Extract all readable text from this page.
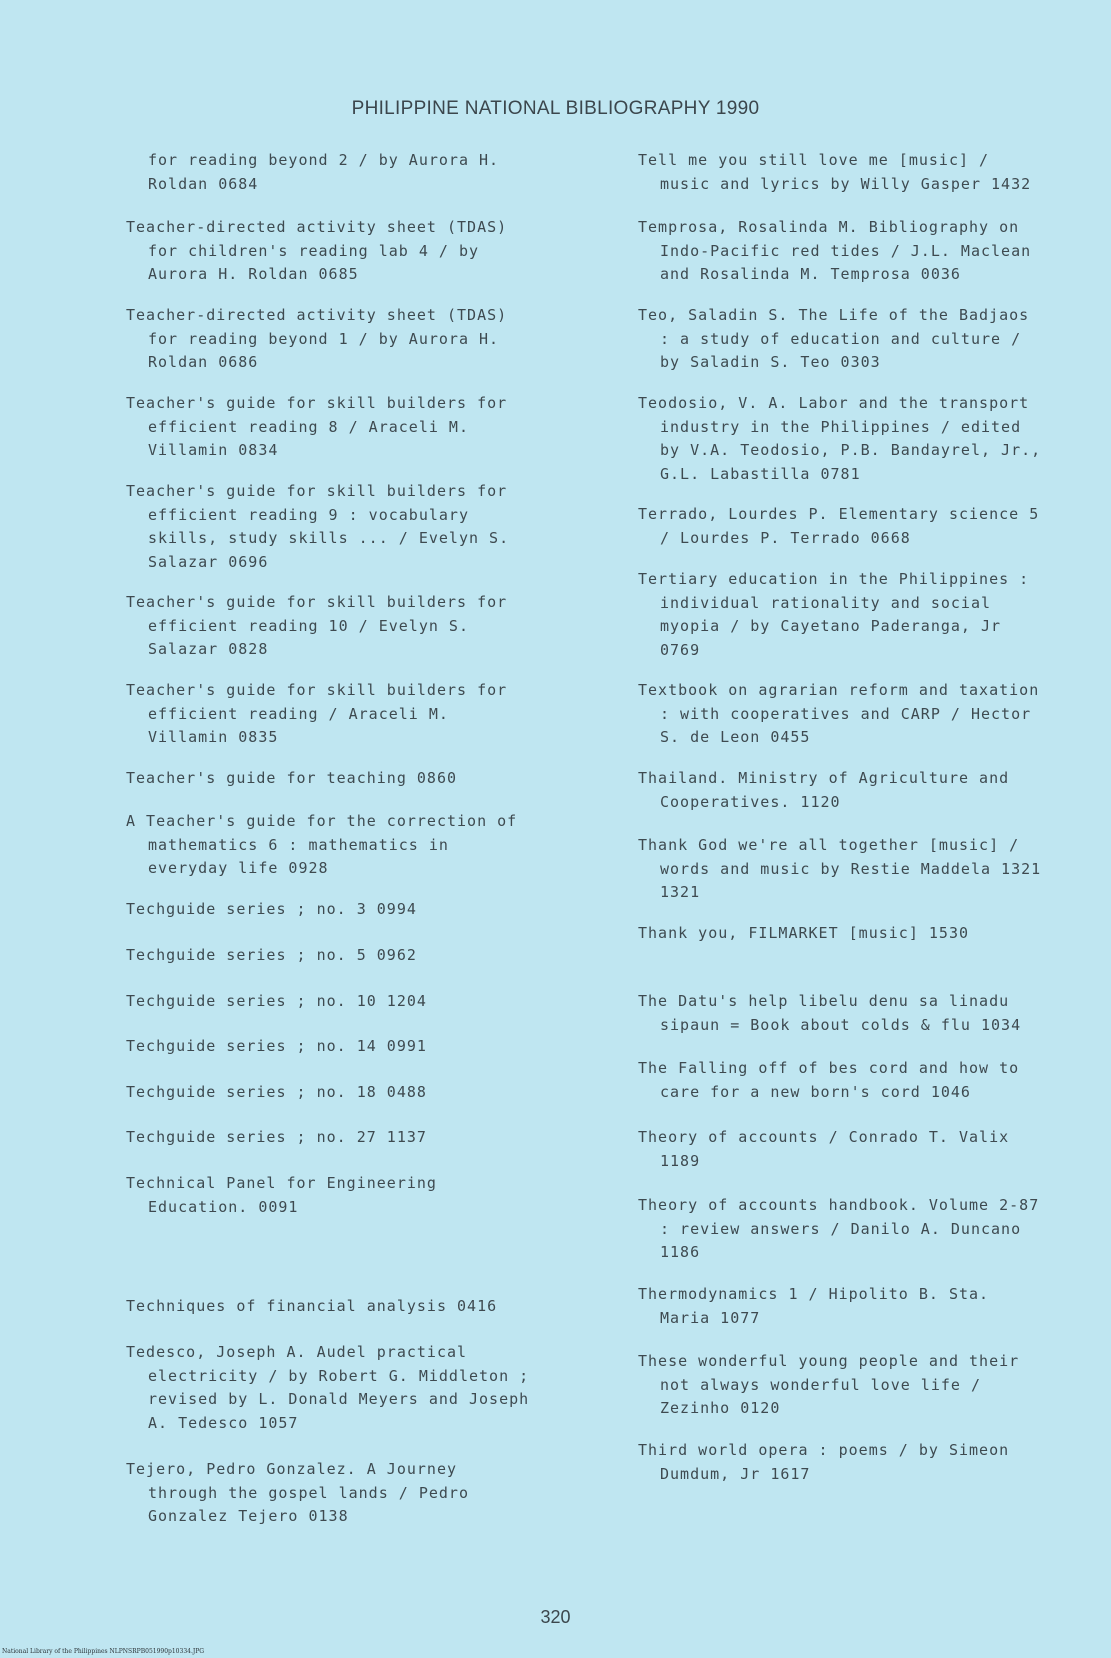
PHILIPPINE NATIONAL BIBLIOGRAPHY 1990
for reading beyond 2 / by Aurora H.
Roldan 0684
Teacher-directed activity sheet (TDAS)
for children's reading lab 4 / by
Aurora H. Roldan 0685
Teacher-directed activity sheet (TDAS)
for reading beyond 1 / by Aurora H.
Roldan 0686
Teacher's guide for skill builders for
efficient reading 8 / Araceli M.
Villamin 0834
Teacher's guide for skill builders for
efficient reading 9 : vocabulary
skills, study skills ... / Evelyn S.
Salazar 0696
Teacher's guide for skill builders for
efficient reading 10 / Evelyn S.
Salazar 0828
Teacher's guide for skill builders for
efficient reading / Araceli M.
Villamin 0835
Teacher's guide for teaching 0860
A Teacher's guide for the correction of
mathematics 6 : mathematics in
everyday life 0928
Techguide series ; no. 3 0994
Techguide series ; no. 5 0962
Techguide series ; no. 10 1204
Techguide series ; no. 14 0991
Techguide series ; no. 18 0488
Techguide series ; no. 27 1137
Technical Panel for Engineering
Education. 0091
Techniques of financial analysis 0416
Tedesco, Joseph A. Audel practical
electricity / by Robert G. Middleton ;
revised by L. Donald Meyers and Joseph
A. Tedesco 1057
Tejero, Pedro Gonzalez. A Journey
through the gospel lands / Pedro
Gonzalez Tejero 0138
Tell me you still love me [music] /
music and lyrics by Willy Gasper 1432
Temprosa, Rosalinda M. Bibliography on
Indo-Pacific red tides / J.L. Maclean
and Rosalinda M. Temprosa 0036
Teo, Saladin S. The Life of the Badjaos
: a study of education and culture /
by Saladin S. Teo 0303
Teodosio, V. A. Labor and the transport
industry in the Philippines / edited
by V.A. Teodosio, P.B. Bandayrel, Jr.,
G.L. Labastilla 0781
Terrado, Lourdes P. Elementary science 5
/ Lourdes P. Terrado 0668
Tertiary education in the Philippines :
individual rationality and social
myopia / by Cayetano Paderanga, Jr
0769
Textbook on agrarian reform and taxation
: with cooperatives and CARP / Hector
S. de Leon 0455
Thailand. Ministry of Agriculture and
Cooperatives. 1120
Thank God we're all together [music] /
words and music by Restie Maddela 1321
1321
Thank you, FILMARKET [music] 1530
The Datu's help libelu denu sa linadu
sipaun = Book about colds & flu 1034
The Falling off of bes cord and how to
care for a new born's cord 1046
Theory of accounts / Conrado T. Valix
1189
Theory of accounts handbook. Volume 2-87
: review answers / Danilo A. Duncano
1186
Thermodynamics 1 / Hipolito B. Sta.
Maria 1077
These wonderful young people and their
not always wonderful love life /
Zezinho 0120
Third world opera : poems / by Simeon
Dumdum, Jr 1617
320
National Library of the Philippines NLPNSRPB051990p10334.JPG
